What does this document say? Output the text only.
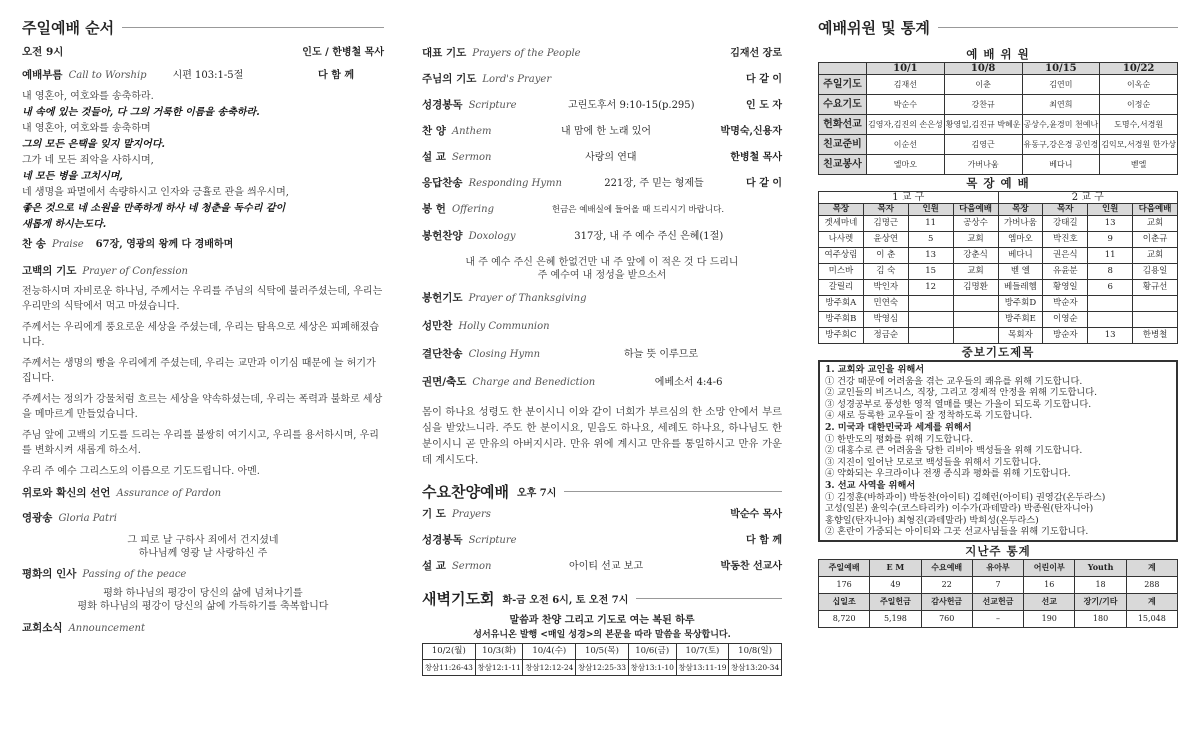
주일예배 순서
오전 9시	인도 / 한병철 목사
예배부름 Call to Worship	시편 103:1-5절	다 함 께
내 영혼아, 여호와를 송축하라.
내 속에 있는 것들아, 다 그의 거룩한 이름을 송축하라.
내 영혼아, 여호와를 송축하며
그의 모든 은택을 잊지 말지어다.
그가 네 모든 죄악을 사하시며,
네 모든 병을 고치시며,
네 생명을 파멸에서 속량하시고 인자와 긍휼로 관을 씌우시며,
좋은 것으로 네 소원을 만족하게 하사 네 청춘을 독수리 같이
새롭게 하시는도다.
찬 송 Praise 67장, 영광의 왕께 다 경배하며
고백의 기도 Prayer of Confession
전능하시며 자비로운 하나님, 주께서는 우리를 주님의 식탁에 불러주셨는데, 우리는 우리만의 식탁에서 먹고 마셨습니다.
주께서는 우리에게 풍요로운 세상을 주셨는데, 우리는 탐욕으로 세상은 피폐해졌습니다.
주께서는 생명의 빵을 우리에게 주셨는데, 우리는 교만과 이기심 때문에 늘 허기가 집니다.
주께서는 정의가 강물처럼 흐르는 세상을 약속하셨는데, 우리는 폭력과 불화로 세상을 메마르게 만들었습니다.
주님 앞에 고백의 기도를 드리는 우리를 불쌍히 여기시고, 우리를 용서하시며, 우리를 변화시켜 새롭게 하소서.
우리 주 예수 그리스도의 이름으로 기도드립니다. 아멘.
위로와 확신의 선언 Assurance of Pardon
영광송 Gloria Patri
그 피로 날 구하사 죄에서 건지셨네
하나님께 영광 날 사랑하신 주
평화의 인사 Passing of the peace
평화 하나님의 평강이 당신의 삶에 넘쳐나기를
평화 하나님의 평강이 당신의 삶에 가득하기를 축복합니다
교회소식 Announcement
대표 기도 Prayers of the People	김재선 장로
주님의 기도 Lord's Prayer	다 같 이
성경봉독 Scripture	고린도후서 9:10-15(p.295)	인 도 자
찬 양 Anthem	내 맘에 한 노래 있어	박명숙,신용자
설 교 Sermon	사랑의 연대	한병철 목사
응답찬송 Responding Hymn	221장, 주 믿는 형제들	다 같 이
봉 헌 Offering	헌금은 예배실에 들어올 때 드리시기 바랍니다.
봉헌찬양 Doxology	317장, 내 주 예수 주신 은혜(1절)
내 주 예수 주신 은혜 한없건만 내 주 앞에 이 적은 것 다 드리니
주 예수여 내 정성을 받으소서
봉헌기도 Prayer of Thanksgiving
성만찬 Holly Communion
결단찬송 Closing Hymn	하늘 뜻 이루므로
권면/축도 Charge and Benediction	에베소서 4:4-6
몸이 하나요 성령도 한 분이시니 이와 같이 너희가 부르심의 한 소망 안에서 부르심을 받았느니라. 주도 한 분이시요, 믿음도 하나요, 세례도 하나요, 하나님도 한 분이시니 곧 만유의 아버지시라. 만유 위에 계시고 만유를 통일하시고 만유 가운데 계시도다.
수요찬양예배 오후 7시
기 도 Prayers	박순수 목사
성경봉독 Scripture	다 함 께
설 교 Sermon	아이티 선교 보고	박동찬 선교사
새벽기도회 화-금 오전 6시, 토 오전 7시
말씀과 찬양 그리고 기도로 여는 복된 하루
성서유니온 발행 <매일 성경>의 본문을 따라 말씀을 묵상합니다.
10/2(월)	10/3(화)	10/4(수)	10/5(목)	10/6(금)	10/7(토)	10/8(일)
창삼11:26-43	창삼12:1-11	창삼12:12-24	창삼12:25-33	창삼13:1-10	창삼13:11-19	창삼13:20-34
예배위원 및 통계
예 배 위 원
	10/1	10/8	10/15	10/22
주일기도	김재선	이춘	김연미	이옥순
수요기도	박순수	강찬규	최연희	이정순
헌화선교	김영자,김진의 손은성	황영일,김진규 박혜운	공상수,윤경미 천예나	도명수,서경원
친교준비	이순선	김영근	유동구,강은경 공인경	김익모,서경원 한가상
친교봉사	엘마오	가버나움	베다니	벧엘
목 장 예 배
1 교 구				2 교 구			
목장	목자	인원	다음예배	목장	목자	인원	다음예배
겟세마네	김명근	11	공상수	가버나움	강태길	13	교회
나사렛	윤상연	5	교회	엠마오	박진호	9	이춘규
여주상림	이 춘	13	강춘식	베다니	권은식	11	교회
미스바	김 숙	15	교회	벧 엘	유윤분	8	김용일
갈릴리	박인자	12	김명환	베들레헴	황영일	6	황규선
방주회A	민연숙			방주회D	박순자		
방주회B	박영심			방주회E	이영순		
방주회C	정금순			목회자	방순자	13	한병철
중보기도제목
1. 교회와 교인을 위해서
① 건강 때문에 어려움을 겪는 교우들의 쾌유를 위해 기도합니다.
② 교인들의 비즈니스, 직장, 그리고 경제적 안정을 위해 기도합니다.
③ 성경공부로 풍성한 영적 열매를 맺는 가을이 되도록 기도합니다.
④ 새로 등록한 교우들이 잘 정착하도록 기도합니다.
2. 미국과 대한민국과 세계를 위해서
① 한반도의 평화를 위해 기도합니다.
② 대홍수로 큰 어려움을 당한 리비아 백성들을 위해 기도합니다.
③ 지진이 일어난 모로코 백성들을 위해서 기도합니다.
④ 약화되는 우크라이나 전쟁 종식과 평화를 위해 기도합니다.
3. 선교 사역을 위해서
① 김정훈(바하과이) 박동찬(아이티) 김혜런(아이티) 권영감(온두라스)
고성(일본) 윤익수(코스타리카) 이수가(과테말라) 박종원(탄자니아)
홍향일(탄자니아) 최형진(과테말라) 박희성(온두라스)
② 혼란이 가중되는 아이티와 그곳 선교사님들을 위해 기도합니다.
지난주 통계
주일예배	E M	수요예배	유아부	어린이부	Youth	계
176	49	22	7	16	18	288
십일조	주일헌금	감사헌금	선교헌금	선교	장기/기타	계
8,720	5,198	760	–	190	180	15,048
